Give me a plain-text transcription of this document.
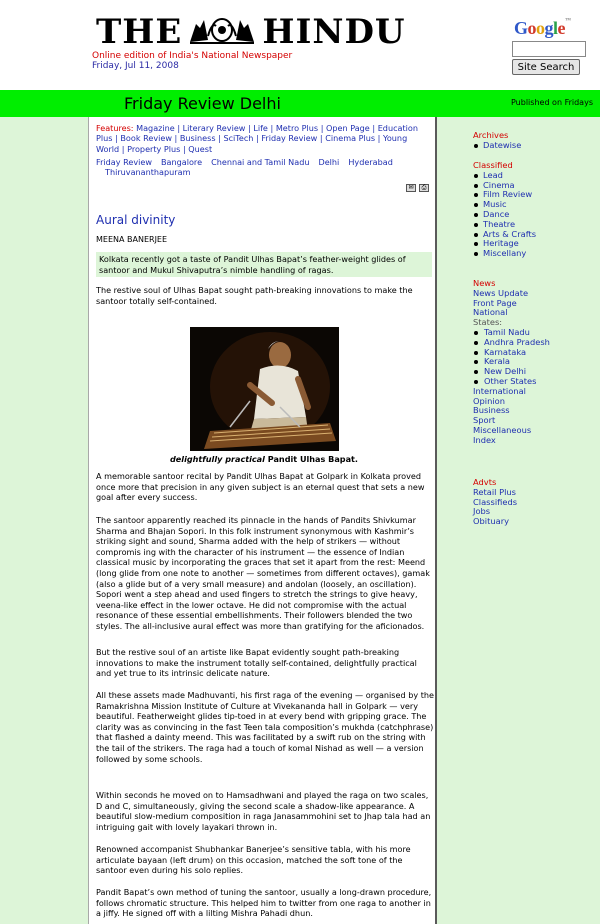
THE HINDU
Online edition of India's National Newspaper
Friday, Jul 11, 2008
Google™
Site Search
Friday Review Delhi	Published on Fridays
Features: Magazine | Literary Review | Life | Metro Plus | Open Page | Education Plus | Book Review | Business | SciTech | Friday Review | Cinema Plus | Young World | Property Plus | Quest
Friday Review Bangalore Chennai and Tamil Nadu Delhi Hyderabad
Thiruvananthapuram
✉	⎙
Aural divinity
MEENA BANERJEE
Kolkata recently got a taste of Pandit Ulhas Bapat’s feather-weight glides of santoor and Mukul Shivaputra’s nimble handling of ragas.
The restive soul of Ulhas Bapat sought path-breaking innovations to make the santoor totally self-contained.
delightfully practical Pandit Ulhas Bapat.
A memorable santoor recital by Pandit Ulhas Bapat at Golpark in Kolkata proved once more that precision in any given subject is an eternal quest that sets a new goal after every success.
The santoor apparently reached its pinnacle in the hands of Pandits Shivkumar Sharma and Bhajan Sopori. In this folk instrument synonymous with Kashmir’s striking sight and sound, Sharma added with the help of strikers — without compromis ing with the character of his instrument — the essence of Indian classical music by incorporating the graces that set it apart from the rest: Meend (long glide from one note to another — sometimes from different octaves), gamak (also a glide but of a very small measure) and andolan (loosely, an oscillation). Sopori went a step ahead and used fingers to stretch the strings to give heavy, veena-like effect in the lower octave. He did not compromise with the actual resonance of these essential embellishments. Their followers blended the two styles. The all-inclusive aural effect was more than gratifying for the aficionados.
But the restive soul of an artiste like Bapat evidently sought path-breaking innovations to make the instrument totally self-contained, delightfully practical and yet true to its intrinsic delicate nature.
All these assets made Madhuvanti, his first raga of the evening — organised by the Ramakrishna Mission Institute of Culture at Vivekananda hall in Golpark — very beautiful. Featherweight glides tip-toed in at every bend with gripping grace. The clarity was as convincing in the fast Teen tala composition’s mukhda (catchphrase) that flashed a dainty meend. This was facilitated by a swift rub on the string with the tail of the strikers. The raga had a touch of komal Nishad as well — a version followed by some schools.
Within seconds he moved on to Hamsadhwani and played the raga on two scales, D and C, simultaneously, giving the second scale a shadow-like appearance. A beautiful slow-medium composition in raga Janasammohini set to Jhap tala had an intriguing gait with lovely layakari thrown in.
Renowned accompanist Shubhankar Banerjee’s sensitive tabla, with his more articulate bayaan (left drum) on this occasion, matched the soft tone of the santoor even during his solo replies.
Pandit Bapat’s own method of tuning the santoor, usually a long-drawn procedure, follows chromatic structure. This helped him to twitter from one raga to another in a jiffy. He signed off with a lilting Mishra Pahadi dhun.
Archives
Datewise
Classified
Lead
Cinema
Film Review
Music
Dance
Theatre
Arts & Crafts
Heritage
Miscellany
News
News Update
Front Page
National
States:
Tamil Nadu
Andhra Pradesh
Karnataka
Kerala
New Delhi
Other States
International
Opinion
Business
Sport
Miscellaneous
Index
Advts
Retail Plus
Classifieds
Jobs
Obituary
